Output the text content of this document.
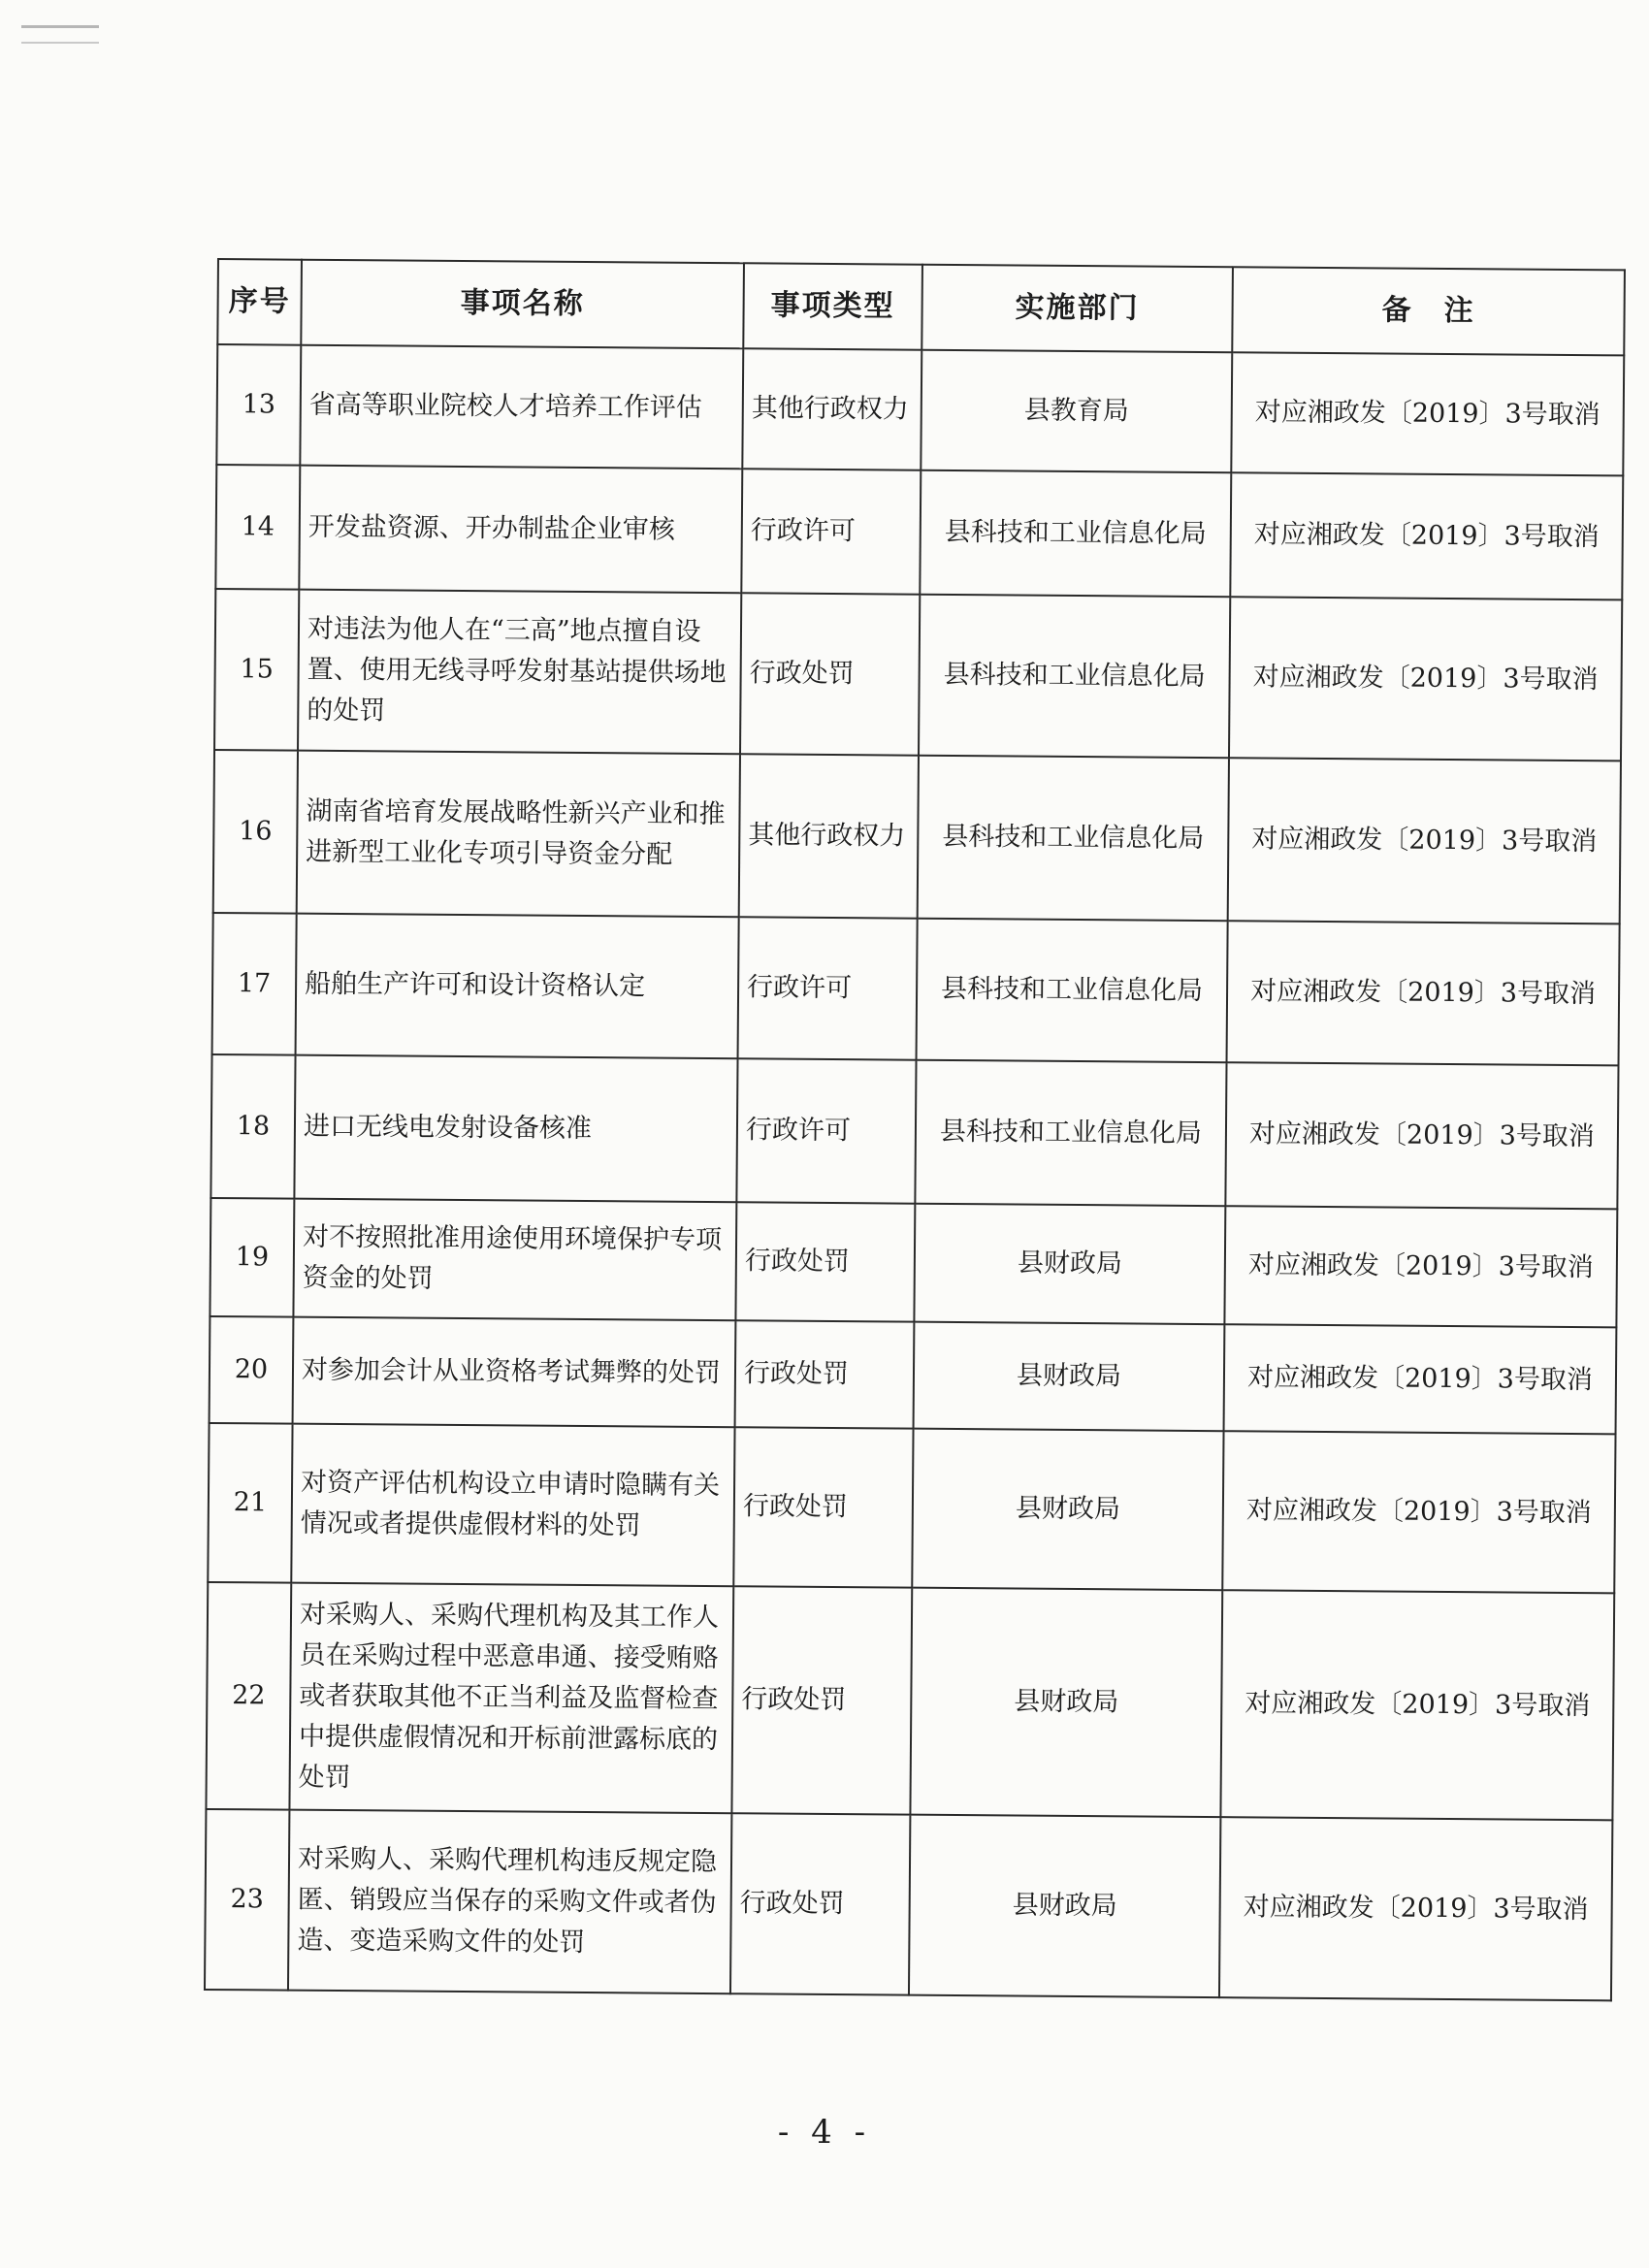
序号	事项名称	事项类型	实施部门	备　注
13	省高等职业院校人才培养工作评估	其他行政权力	县教育局	对应湘政发〔2019〕3号取消
14	开发盐资源、开办制盐企业审核	行政许可	县科技和工业信息化局	对应湘政发〔2019〕3号取消
15	对违法为他人在“三高”地点擅自设置、使用无线寻呼发射基站提供场地的处罚	行政处罚	县科技和工业信息化局	对应湘政发〔2019〕3号取消
16	湖南省培育发展战略性新兴产业和推进新型工业化专项引导资金分配	其他行政权力	县科技和工业信息化局	对应湘政发〔2019〕3号取消
17	船舶生产许可和设计资格认定	行政许可	县科技和工业信息化局	对应湘政发〔2019〕3号取消
18	进口无线电发射设备核准	行政许可	县科技和工业信息化局	对应湘政发〔2019〕3号取消
19	对不按照批准用途使用环境保护专项资金的处罚	行政处罚	县财政局	对应湘政发〔2019〕3号取消
20	对参加会计从业资格考试舞弊的处罚	行政处罚	县财政局	对应湘政发〔2019〕3号取消
21	对资产评估机构设立申请时隐瞒有关情况或者提供虚假材料的处罚	行政处罚	县财政局	对应湘政发〔2019〕3号取消
22	对采购人、采购代理机构及其工作人员在采购过程中恶意串通、接受贿赂或者获取其他不正当利益及监督检查中提供虚假情况和开标前泄露标底的处罚	行政处罚	县财政局	对应湘政发〔2019〕3号取消
23	对采购人、采购代理机构违反规定隐匿、销毁应当保存的采购文件或者伪造、变造采购文件的处罚	行政处罚	县财政局	对应湘政发〔2019〕3号取消
- 4 -
